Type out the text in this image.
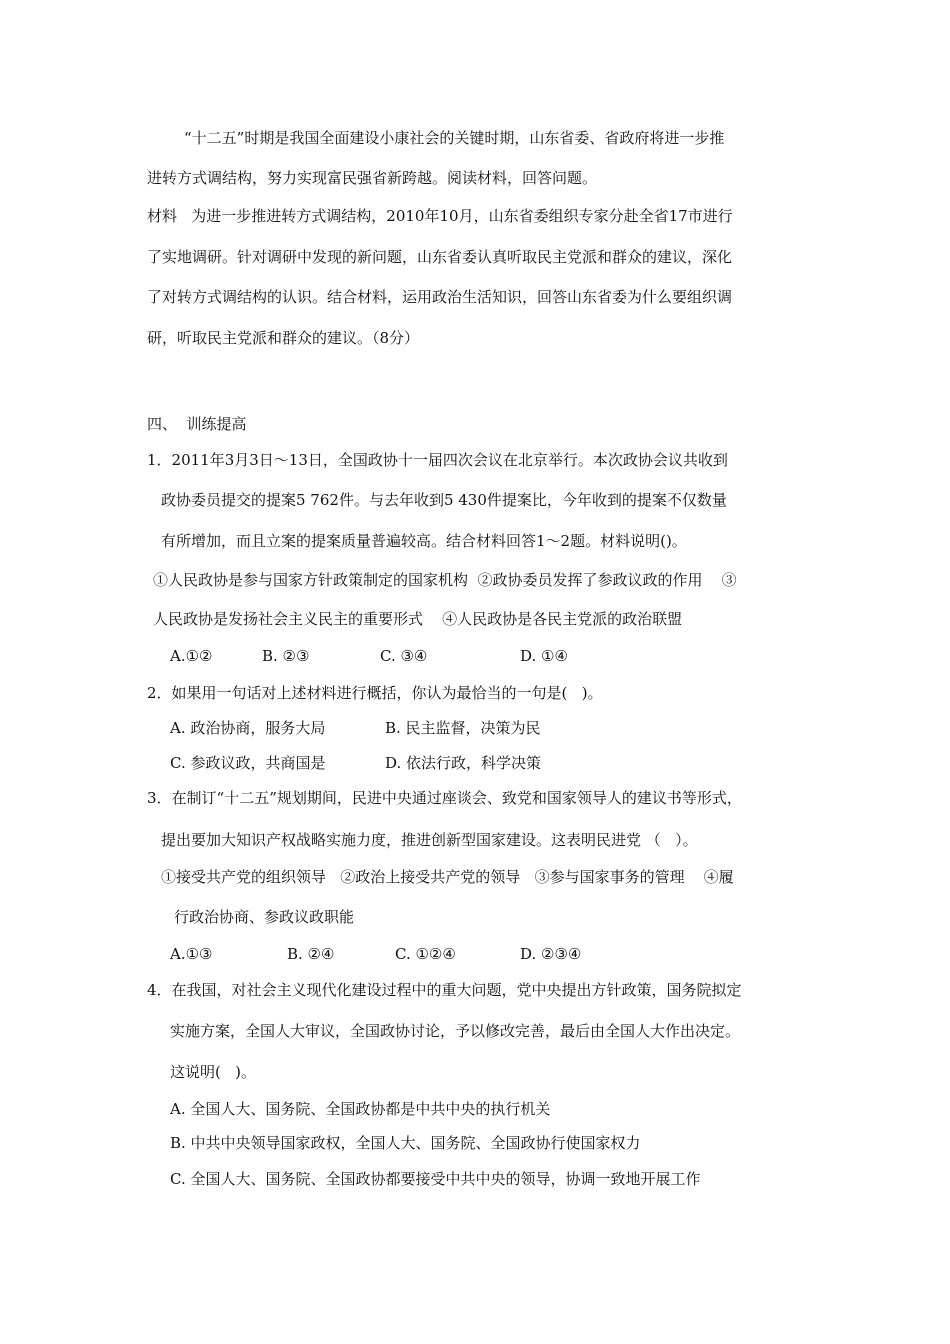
“十二五”时期是我国全面建设小康社会的关键时期，山东省委、省政府将进一步推
进转方式调结构，努力实现富民强省新跨越。阅读材料，回答问题。
材料   为进一步推进转方式调结构，2010年10月，山东省委组织专家分赴全省17市进行
了实地调研。针对调研中发现的新问题，山东省委认真听取民主党派和群众的建议，深化
了对转方式调结构的认识。结合材料，运用政治生活知识，回答山东省委为什么要组织调
研，听取民主党派和群众的建议。（8分）
四、  训练提高
1．2011年3月3日～13日，全国政协十一届四次会议在北京举行。本次政协会议共收到
政协委员提交的提案5 762件。与去年收到5 430件提案比，今年收到的提案不仅数量
有所增加，而且立案的提案质量普遍较高。结合材料回答1～2题。材料说明()。
①人民政协是参与国家方针政策制定的国家机构  ②政协委员发挥了参政议政的作用    ③
人民政协是发扬社会主义民主的重要形式    ④人民政协是各民主党派的政治联盟
A.①②	B. ②③	C. ③④	D. ①④
2．如果用一句话对上述材料进行概括，你认为最恰当的一句是(   )。
A. 政治协商，服务大局	B. 民主监督，决策为民
C. 参政议政，共商国是	D. 依法行政，科学决策
3．在制订“十二五”规划期间，民进中央通过座谈会、致党和国家领导人的建议书等形式，
提出要加大知识产权战略实施力度，推进创新型国家建设。这表明民进党 （   ）。
①接受共产党的组织领导   ②政治上接受共产党的领导   ③参与国家事务的管理    ④履
行政治协商、参政议政职能
A.①③	B. ②④	C. ①②④	D. ②③④
4．在我国，对社会主义现代化建设过程中的重大问题，党中央提出方针政策，国务院拟定
实施方案，全国人大审议，全国政协讨论，予以修改完善，最后由全国人大作出决定。
这说明(   )。
A. 全国人大、国务院、全国政协都是中共中央的执行机关
B. 中共中央领导国家政权，全国人大、国务院、全国政协行使国家权力
C. 全国人大、国务院、全国政协都要接受中共中央的领导，协调一致地开展工作
